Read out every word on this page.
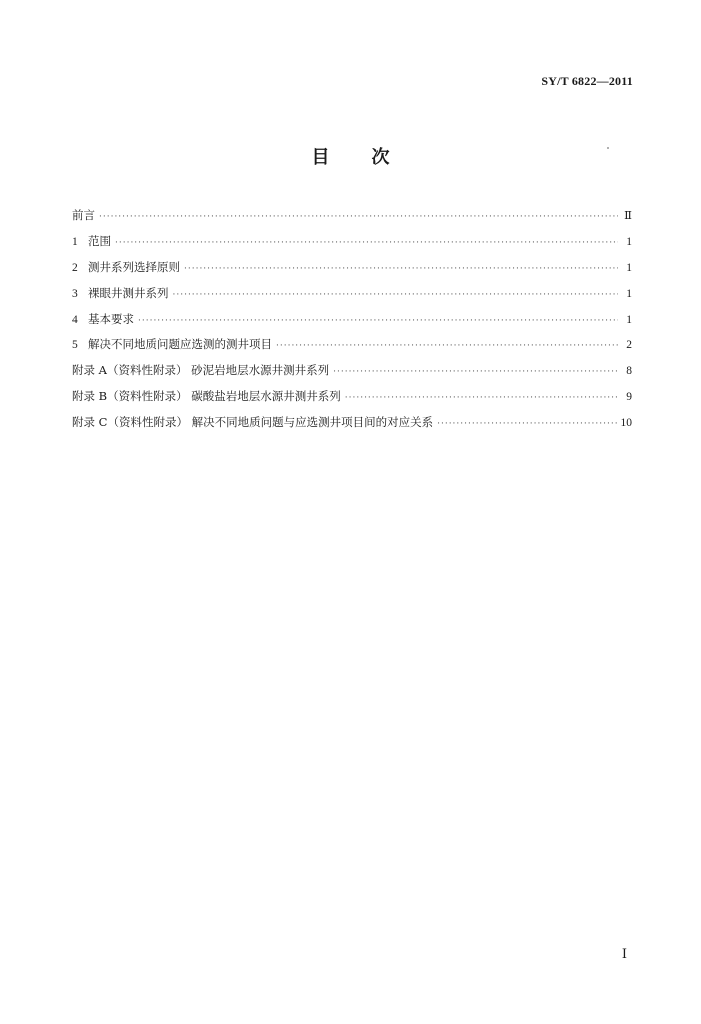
SY/T 6822—2011
目次
前言 ·····	Ⅱ
1 范围 ·····	1
2 测井系列选择原则 ·····	1
3 裸眼井测井系列 ·····	1
4 基本要求 ·····	1
5 解决不同地质问题应选测的测井项目 ·····	2
附录 A（资料性附录） 砂泥岩地层水源井测井系列 ·····	8
附录 B（资料性附录） 碳酸盐岩地层水源井测井系列 ·····	9
附录 C（资料性附录） 解决不同地质问题与应选测井项目间的对应关系 ·····	10
Ⅰ
